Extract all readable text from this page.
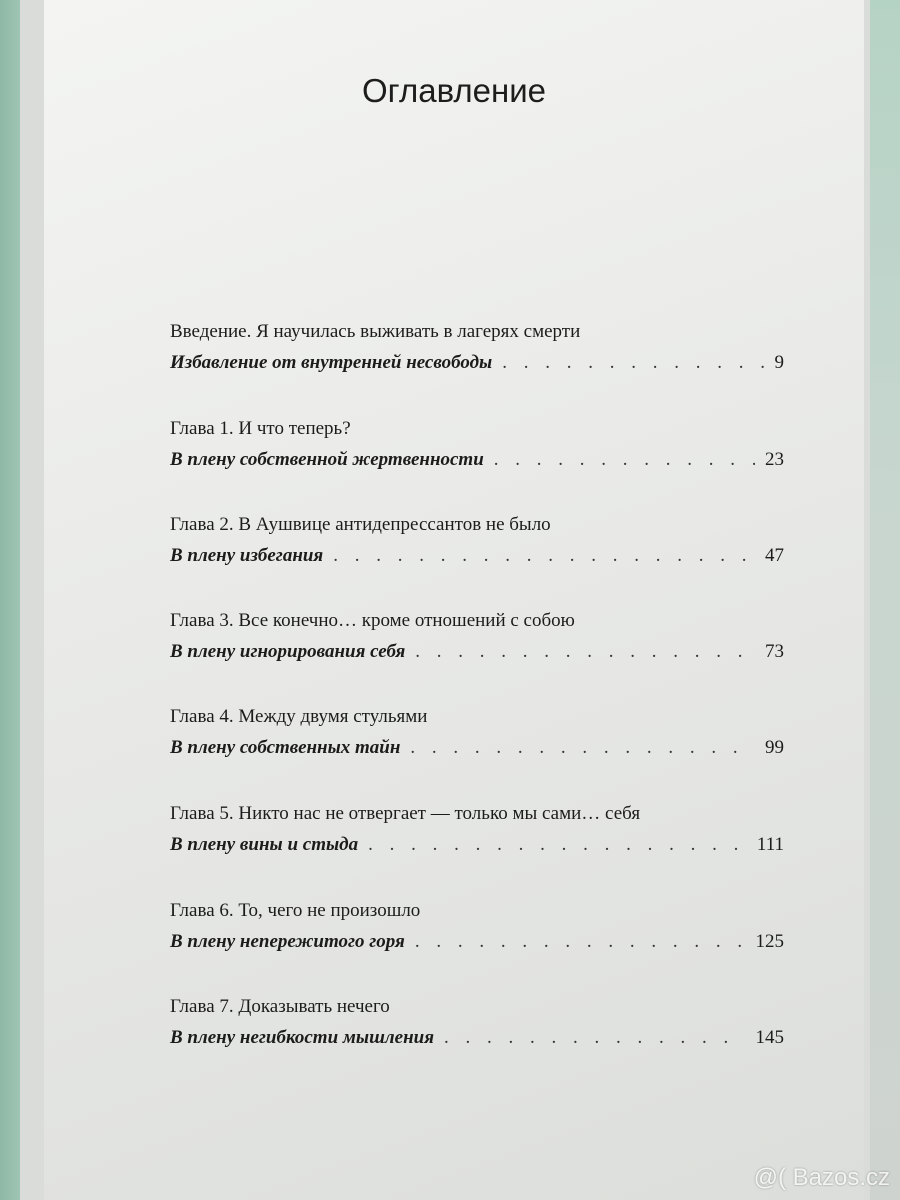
Оглавление
Введение. Я научилась выживать в лагерях смерти
Избавление от внутренней несвободы . . .	9
Глава 1. И что теперь?
В плену собственной жертвенности . . .	23
Глава 2. В Аушвице антидепрессантов не было
В плену избегания . . .	47
Глава 3. Все конечно… кроме отношений с собою
В плену игнорирования себя . . .	73
Глава 4. Между двумя стульями
В плену собственных тайн . . .	99
Глава 5. Никто нас не отвергает — только мы сами… себя
В плену вины и стыда . . .	111
Глава 6. То, чего не произошло
В плену непережитого горя . . .	125
Глава 7. Доказывать нечего
В плену негибкости мышления . . .	145
@( Bazos.cz
